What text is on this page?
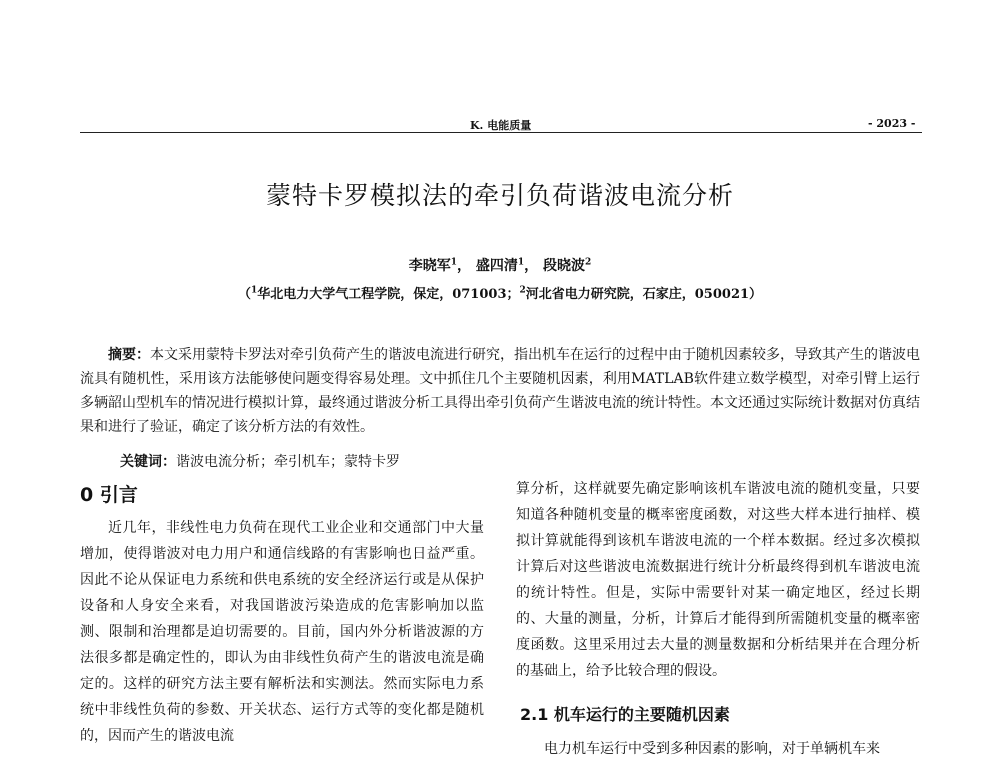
K. 电能质量	- 2023 -
蒙特卡罗模拟法的牵引负荷谐波电流分析
李晓军$^1$， 盛四清$^1$， 段晓波$^2$
（$^1$华北电力大学气工程学院，保定，071003；$^2$河北省电力研究院，石家庄，050021）
摘要：本文采用蒙特卡罗法对牵引负荷产生的谐波电流进行研究，指出机车在运行的过程中由于随机因素较多，导致其产生的谐波电流具有随机性，采用该方法能够使问题变得容易处理。文中抓住几个主要随机因素，利用MATLAB软件建立数学模型，对牵引臂上运行多辆韶山型机车的情况进行模拟计算，最终通过谐波分析工具得出牵引负荷产生谐波电流的统计特性。本文还通过实际统计数据对仿真结果和进行了验证，确定了该分析方法的有效性。
关键词：谐波电流分析；牵引机车；蒙特卡罗
0 引言
近几年，非线性电力负荷在现代工业企业和交通部门中大量增加，使得谐波对电力用户和通信线路的有害影响也日益严重。因此不论从保证电力系统和供电系统的安全经济运行或是从保护设备和人身安全来看，对我国谐波污染造成的危害影响加以监测、限制和治理都是迫切需要的。目前，国内外分析谐波源的方法很多都是确定性的，即认为由非线性负荷产生的谐波电流是确定的。这样的研究方法主要有解析法和实测法。然而实际电力系统中非线性负荷的参数、开关状态、运行方式等的变化都是随机的，因而产生的谐波电流
算分析，这样就要先确定影响该机车谐波电流的随机变量，只要知道各种随机变量的概率密度函数，对这些大样本进行抽样、模拟计算就能得到该机车谐波电流的一个样本数据。经过多次模拟计算后对这些谐波电流数据进行统计分析最终得到机车谐波电流的统计特性。但是，实际中需要针对某一确定地区，经过长期的、大量的测量，分析，计算后才能得到所需随机变量的概率密度函数。这里采用过去大量的测量数据和分析结果并在合理分析的基础上，给予比较合理的假设。
2.1 机车运行的主要随机因素
电力机车运行中受到多种因素的影响，对于单辆机车来
